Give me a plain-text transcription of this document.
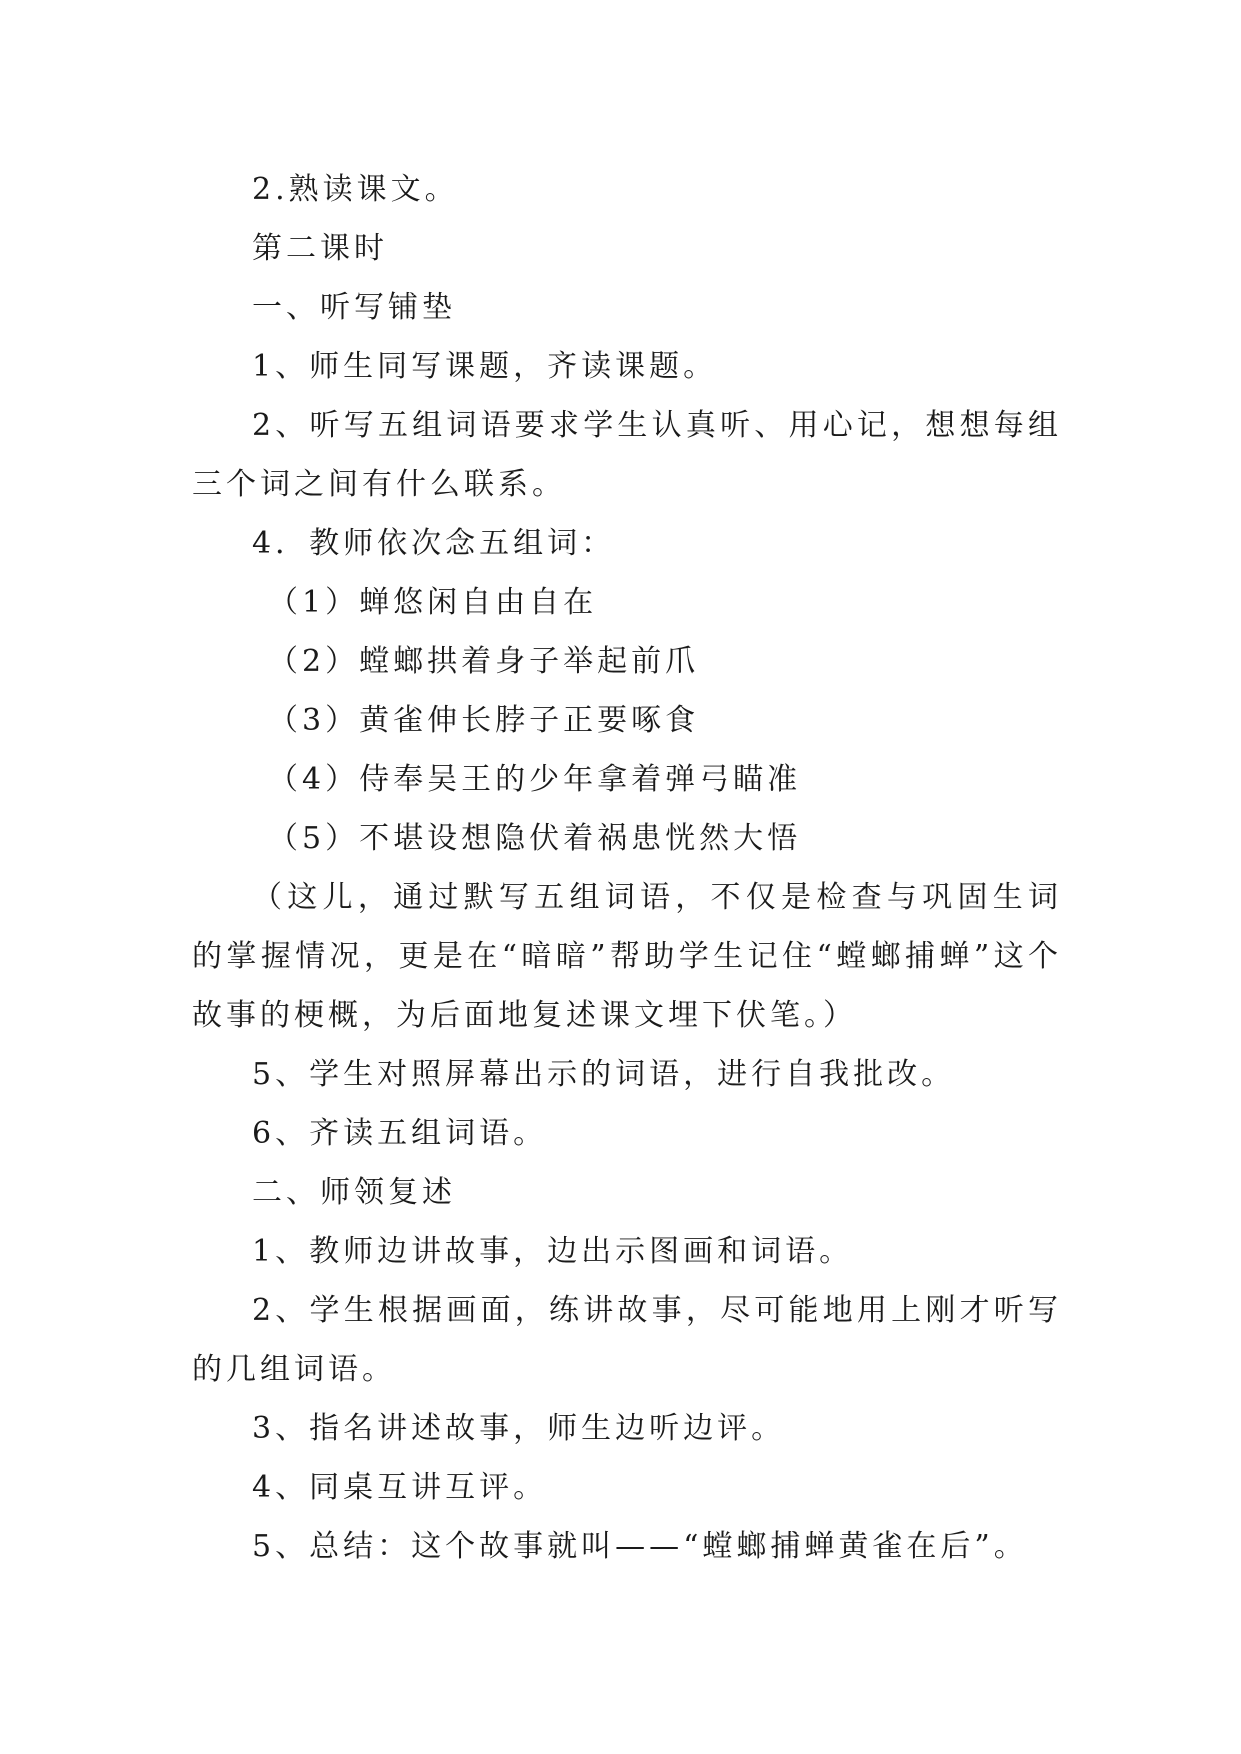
2.熟读课文。

第二课时

一、听写铺垫

1、师生同写课题，齐读课题。

2、听写五组词语要求学生认真听、用心记，想想每组三个词之间有什么联系。

4．教师依次念五组词：

（1）蝉悠闲自由自在

（2）螳螂拱着身子举起前爪

（3）黄雀伸长脖子正要啄食

（4）侍奉吴王的少年拿着弹弓瞄准

（5）不堪设想隐伏着祸患恍然大悟

（这儿，通过默写五组词语，不仅是检查与巩固生词的掌握情况，更是在“暗暗”帮助学生记住“螳螂捕蝉”这个故事的梗概，为后面地复述课文埋下伏笔。）

5、学生对照屏幕出示的词语，进行自我批改。

6、齐读五组词语。

二、师领复述

1、教师边讲故事，边出示图画和词语。

2、学生根据画面，练讲故事，尽可能地用上刚才听写的几组词语。

3、指名讲述故事，师生边听边评。

4、同桌互讲互评。

5、总结：这个故事就叫——“螳螂捕蝉黄雀在后”。
